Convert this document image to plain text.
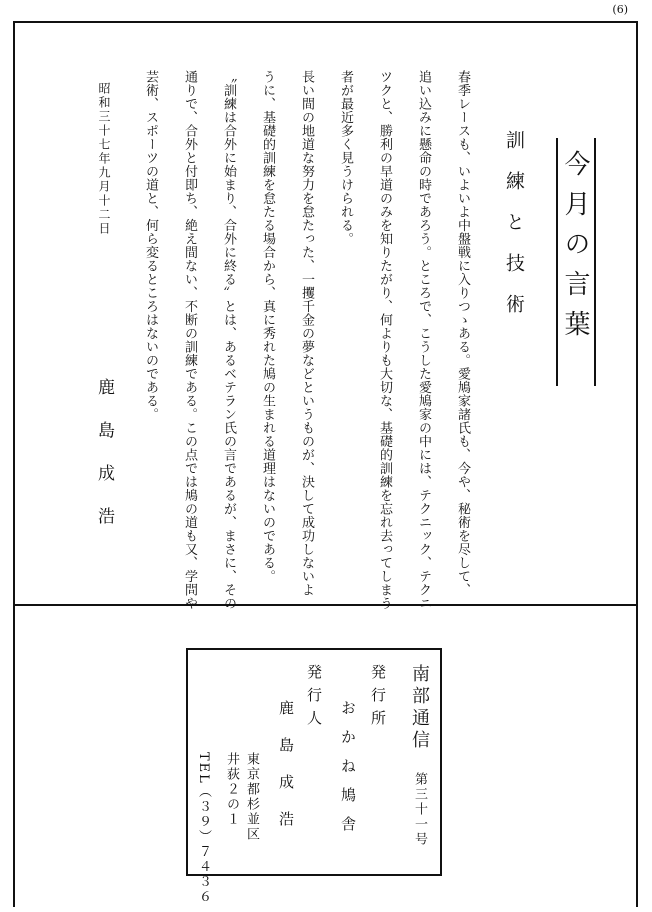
(6)
今月の言葉
訓練と技術
春季レースも、いよいよ中盤戦に入りつゝある。愛鳩家諸氏も、今や、秘術を尽して、
追い込みに懸命の時であろう。ところで、こうした愛鳩家の中には、テクニック、テクニ
ツクと、勝利の早道のみを知りたがり、何よりも大切な、基礎的訓練を忘れ去ってしまう
者が最近多く見うけられる。
長い間の地道な努力を怠たった、一攫千金の夢などというものが、決して成功しないよ
うに、基礎的訓練を怠たる場合から、真に秀れた鳩の生まれる道理はないのである。
〝訓練は合外に始まり、合外に終る〟とは、あるベテラン氏の言であるが、まさに、その
通りで、合外と付即ち、絶え間ない、不断の訓練である。この点では鳩の道も又、学問や
芸術、スポーツの道と、何ら変るところはないのである。
昭和三十七年九月十二日
鹿島成浩
南部通信
第三十一号
発行所
おかね鳩舎
発行人
鹿島成浩
東京都杉並区
井荻２の１
TEL（３９）７４３６
